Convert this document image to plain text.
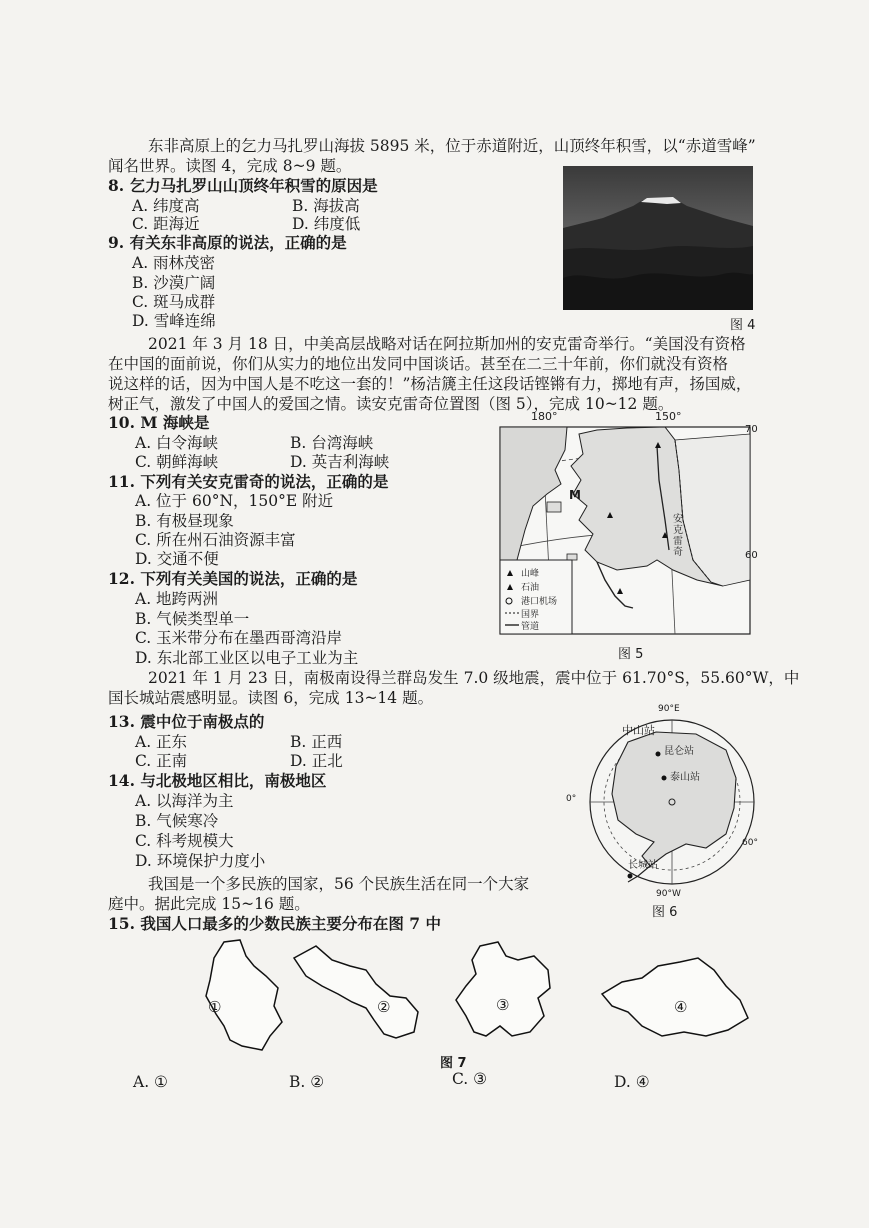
东非高原上的乞力马扎罗山海拔 5895 米，位于赤道附近，山顶终年积雪，以“赤道雪峰”
闻名世界。读图 4，完成 8~9 题。
8. 乞力马扎罗山山顶终年积雪的原因是
A. 纬度高	B. 海拔高
C. 距海近	D. 纬度低
9. 有关东非高原的说法，正确的是
A. 雨林茂密
B. 沙漠广阔
C. 斑马成群
D. 雪峰连绵	图 4
2021 年 3 月 18 日，中美高层战略对话在阿拉斯加州的安克雷奇举行。“美国没有资格
在中国的面前说，你们从实力的地位出发同中国谈话。甚至在二三十年前，你们就没有资格
说这样的话，因为中国人是不吃这一套的！”杨洁篪主任这段话铿锵有力，掷地有声，扬国威，
树正气，激发了中国人的爱国之情。读安克雷奇位置图（图 5），完成 10~12 题。
10. M 海峡是
A. 白令海峡	B. 台湾海峡
C. 朝鲜海峡	D. 英吉利海峡
11. 下列有关安克雷奇的说法，正确的是
A. 位于 60°N，150°E 附近
B. 有极昼现象
C. 所在州石油资源丰富
D. 交通不便
12. 下列有关美国的说法，正确的是
A. 地跨两洲
B. 气候类型单一
C. 玉米带分布在墨西哥湾沿岸
D. 东北部工业区以电子工业为主
180°	150°
70
60
M
安克雷奇
山峰
石油
港口机场
国界
管道
图 5
2021 年 1 月 23 日，南极南设得兰群岛发生 7.0 级地震，震中位于 61.70°S，55.60°W，中
国长城站震感明显。读图 6，完成 13~14 题。
13. 震中位于南极点的
A. 正东	B. 正西
C. 正南	D. 正北
14. 与北极地区相比，南极地区
A. 以海洋为主
B. 气候寒冷
C. 科考规模大
D. 环境保护力度小
90°E
0°
中山站
昆仑站
泰山站
长城站
60°
90°W
图 6
我国是一个多民族的国家，56 个民族生活在同一个大家
庭中。据此完成 15~16 题。
15. 我国人口最多的少数民族主要分布在图 7 中
①	②	③	④
图 7
A. ①	B. ②	C. ③	D. ④
